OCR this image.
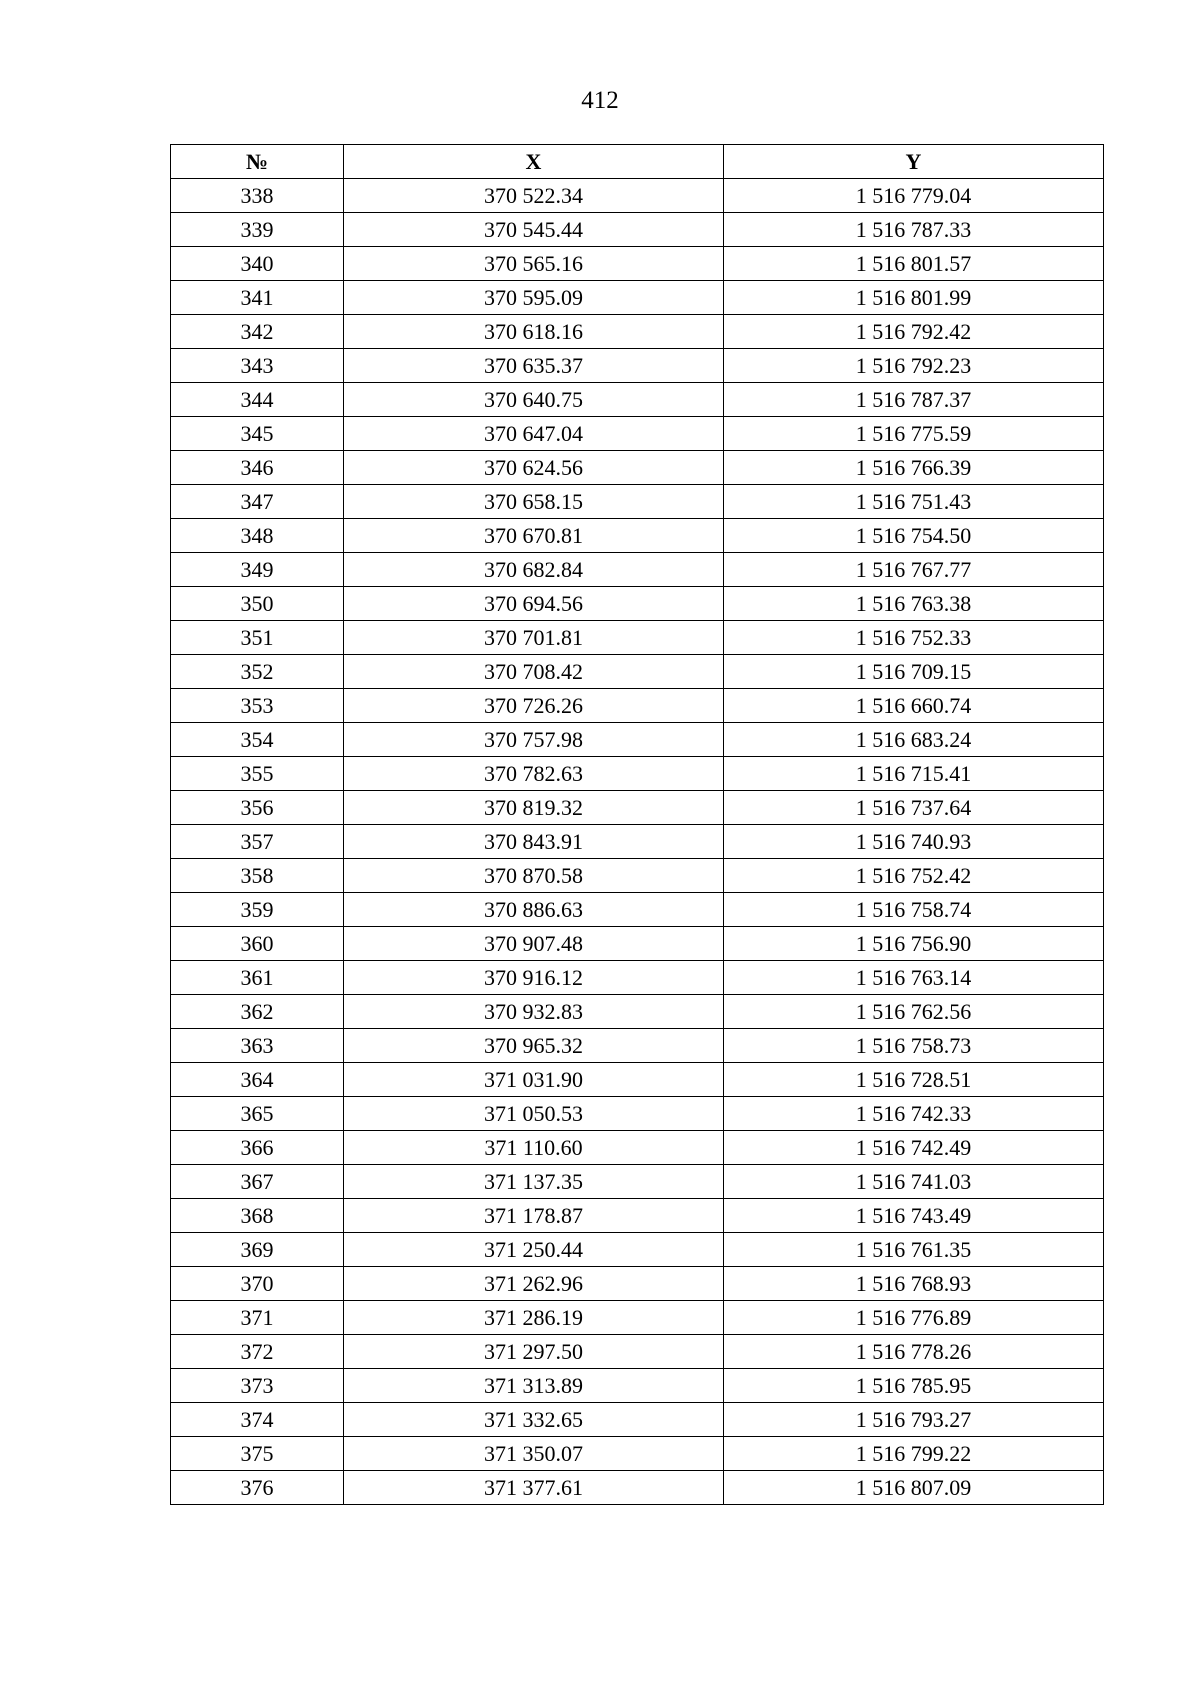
412
№	X	Y
338	370 522.34	1 516 779.04
339	370 545.44	1 516 787.33
340	370 565.16	1 516 801.57
341	370 595.09	1 516 801.99
342	370 618.16	1 516 792.42
343	370 635.37	1 516 792.23
344	370 640.75	1 516 787.37
345	370 647.04	1 516 775.59
346	370 624.56	1 516 766.39
347	370 658.15	1 516 751.43
348	370 670.81	1 516 754.50
349	370 682.84	1 516 767.77
350	370 694.56	1 516 763.38
351	370 701.81	1 516 752.33
352	370 708.42	1 516 709.15
353	370 726.26	1 516 660.74
354	370 757.98	1 516 683.24
355	370 782.63	1 516 715.41
356	370 819.32	1 516 737.64
357	370 843.91	1 516 740.93
358	370 870.58	1 516 752.42
359	370 886.63	1 516 758.74
360	370 907.48	1 516 756.90
361	370 916.12	1 516 763.14
362	370 932.83	1 516 762.56
363	370 965.32	1 516 758.73
364	371 031.90	1 516 728.51
365	371 050.53	1 516 742.33
366	371 110.60	1 516 742.49
367	371 137.35	1 516 741.03
368	371 178.87	1 516 743.49
369	371 250.44	1 516 761.35
370	371 262.96	1 516 768.93
371	371 286.19	1 516 776.89
372	371 297.50	1 516 778.26
373	371 313.89	1 516 785.95
374	371 332.65	1 516 793.27
375	371 350.07	1 516 799.22
376	371 377.61	1 516 807.09
